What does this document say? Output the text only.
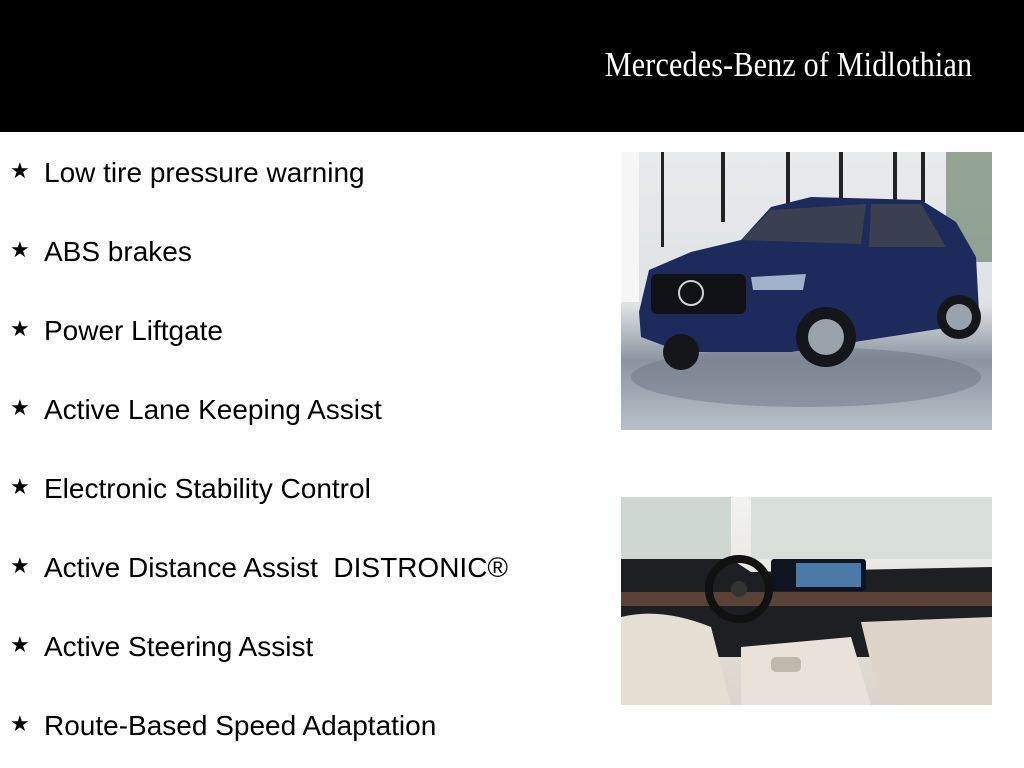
Mercedes-Benz of Midlothian
★ Low tire pressure warning
★ ABS brakes
★ Power Liftgate
★ Active Lane Keeping Assist
★ Electronic Stability Control
★ Active Distance Assist  DISTRONIC®
★ Active Steering Assist
★ Route-Based Speed Adaptation
